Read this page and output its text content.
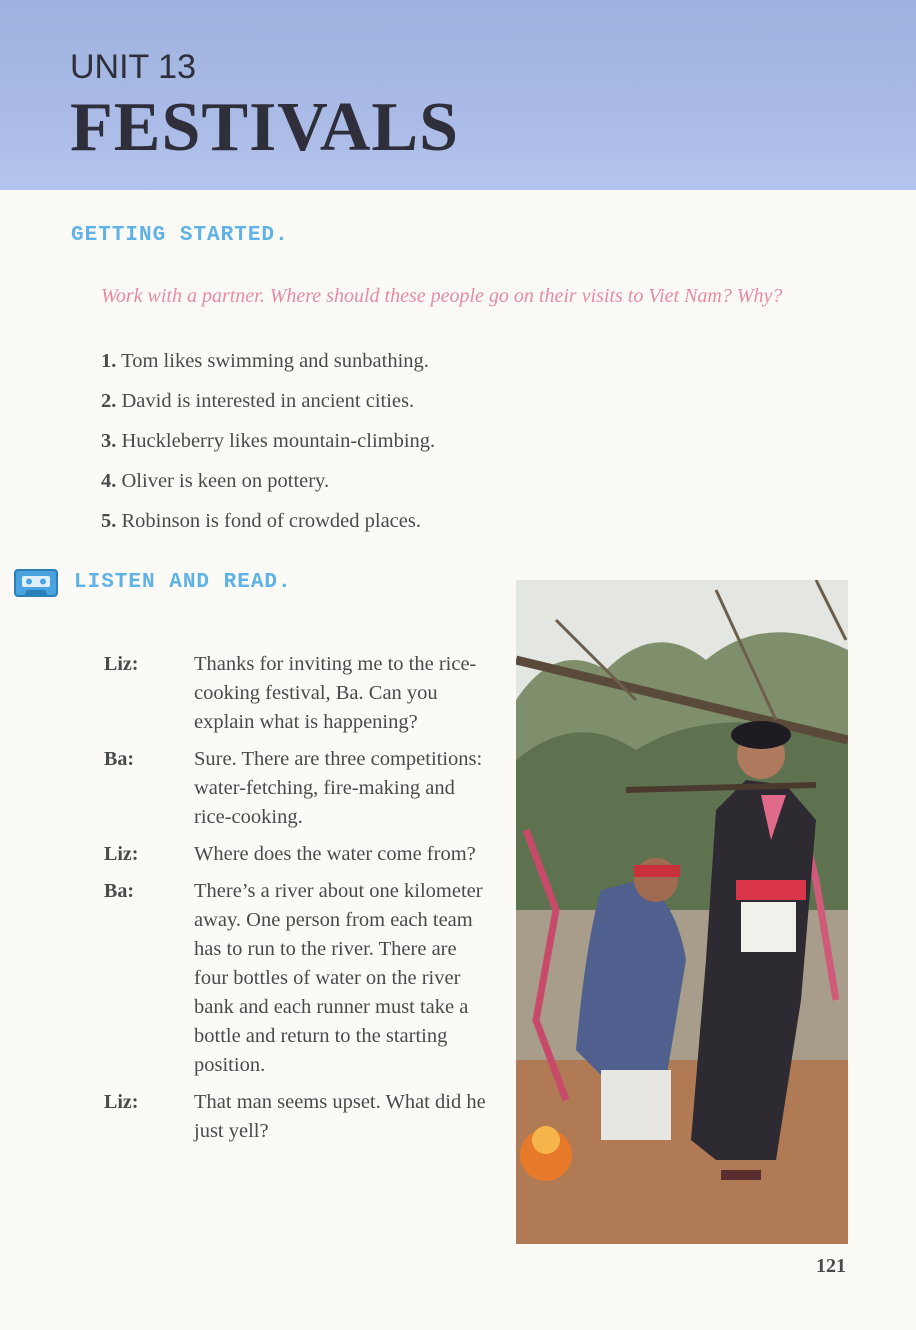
UNIT 13
FESTIVALS
GETTING STARTED.
Work with a partner. Where should these people go on their visits to Viet Nam? Why?
1. Tom likes swimming and sunbathing.
2. David is interested in ancient cities.
3. Huckleberry likes mountain-climbing.
4. Oliver is keen on pottery.
5. Robinson is fond of crowded places.
LISTEN AND READ.
Liz:	Thanks for inviting me to the rice-cooking festival, Ba. Can you explain what is happening?
Ba:	Sure. There are three competitions: water-fetching, fire-making and rice-cooking.
Liz:	Where does the water come from?
Ba:	There’s a river about one kilometer away. One person from each team has to run to the river. There are four bottles of water on the river bank and each runner must take a bottle and return to the starting position.
Liz:	That man seems upset. What did he just yell?
121
